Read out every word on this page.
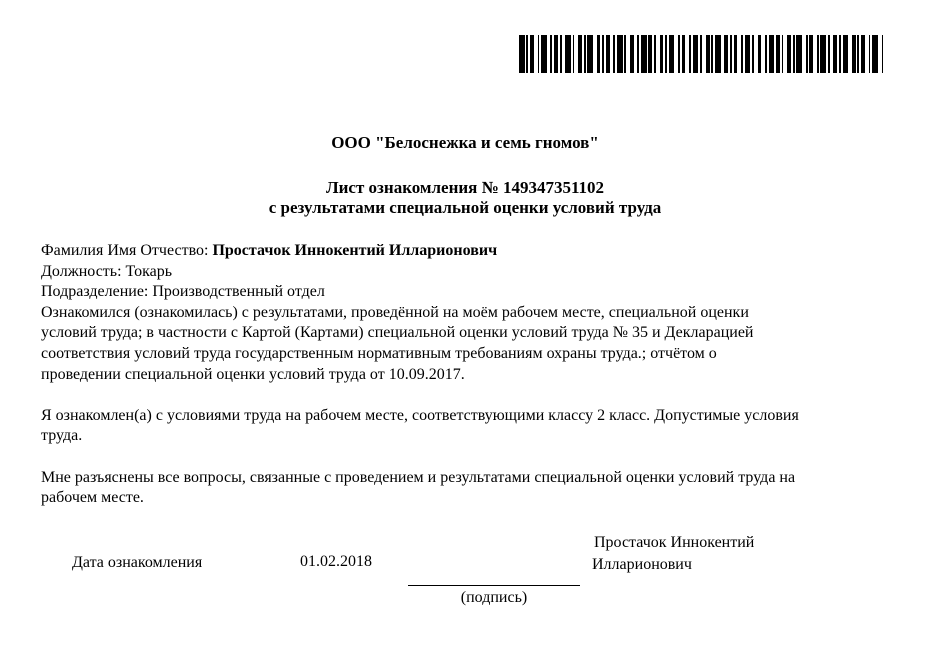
ООО "Белоснежка и семь гномов"
Лист ознакомления № 149347351102
с результатами специальной оценки условий труда
Фамилия Имя Отчество: Простачок Иннокентий Илларионович
Должность: Токарь
Подразделение: Производственный отдел
Ознакомился (ознакомилась) с результатами, проведённой на моём рабочем месте, специальной оценки
условий труда; в частности с Картой (Картами) специальной оценки условий труда № 35 и Декларацией
соответствия условий труда государственным нормативным требованиям охраны труда.; отчётом о
проведении специальной оценки условий труда от 10.09.2017.
Я ознакомлен(а) с условиями труда на рабочем месте, соответствующими классу 2 класс. Допустимые условия
труда.
Мне разъяснены все вопросы, связанные с проведением и результатами специальной оценки условий труда на
рабочем месте.
Дата ознакомления	01.02.2018
(подпись)
Простачок Иннокентий
Илларионович
